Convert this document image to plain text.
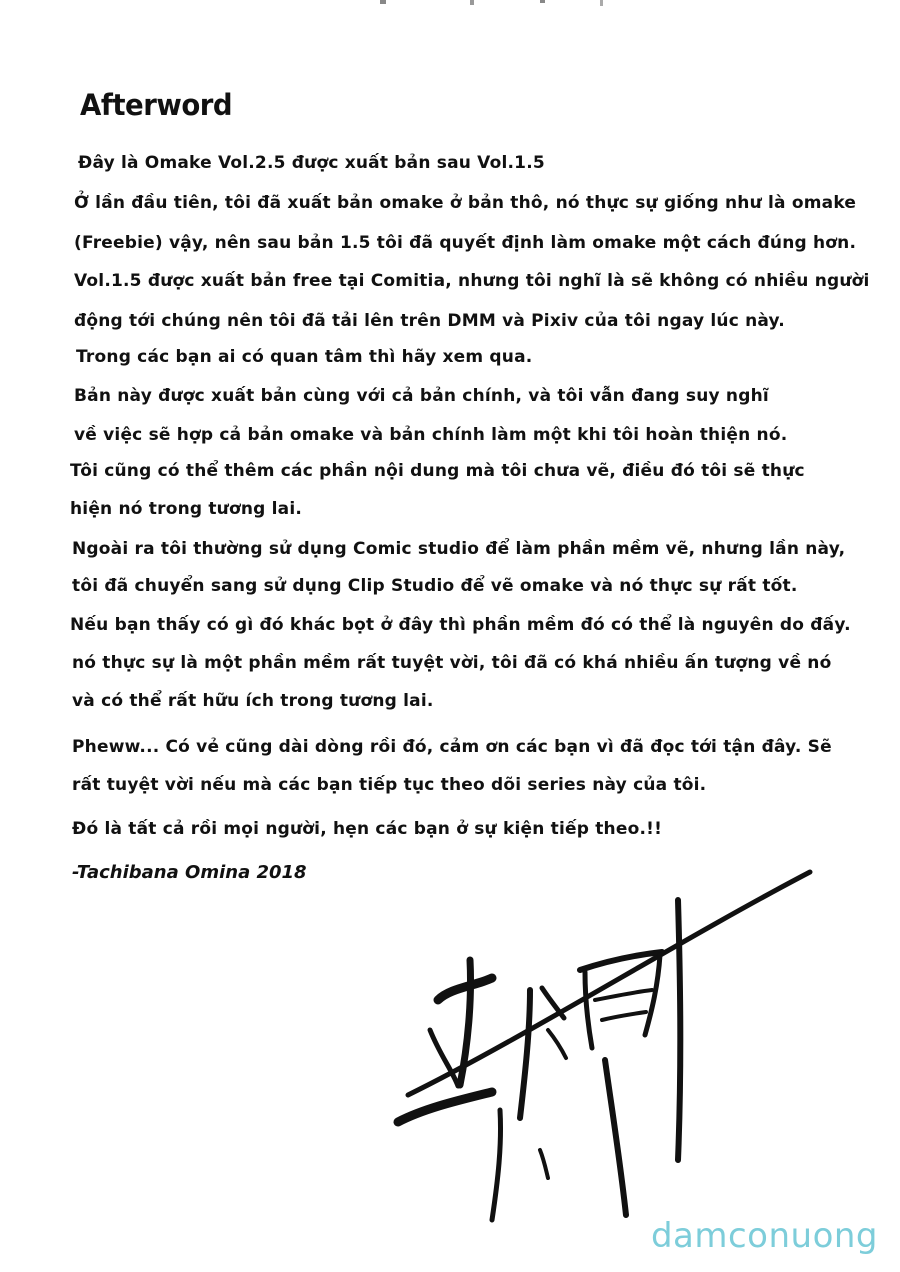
Afterword

Đây là Omake Vol.2.5 được xuất bản sau Vol.1.5

Ở lần đầu tiên, tôi đã xuất bản omake ở bản thô, nó thực sự giống như là omake

(Freebie) vậy, nên sau bản 1.5 tôi đã quyết định làm omake một cách đúng hơn.

Vol.1.5 được xuất bản free tại Comitia, nhưng tôi nghĩ là sẽ không có nhiều người

động tới chúng nên tôi đã tải lên trên DMM và Pixiv của tôi ngay lúc này.

Trong các bạn ai có quan tâm thì hãy xem qua.

Bản này được xuất bản cùng với cả bản chính, và tôi vẫn đang suy nghĩ

về việc sẽ hợp cả bản omake và bản chính làm một khi tôi hoàn thiện nó.

Tôi cũng có thể thêm các phần nội dung mà tôi chưa vẽ, điều đó tôi sẽ thực

hiện nó trong tương lai.

Ngoài ra tôi thường sử dụng Comic studio để làm phần mềm vẽ, nhưng lần này,

tôi đã chuyển sang sử dụng Clip Studio để vẽ omake và nó thực sự rất tốt.

Nếu bạn thấy có gì đó khác bọt ở đây thì phần mềm đó có thể là nguyên do đấy.

nó thực sự là một phần mềm rất tuyệt vời, tôi đã có khá nhiều ấn tượng về nó

và có thể rất hữu ích trong tương lai.

Pheww... Có vẻ cũng dài dòng rồi đó, cảm ơn các bạn vì đã đọc tới tận đây. Sẽ

rất tuyệt vời nếu mà các bạn tiếp tục theo dõi series này của tôi.

Đó là tất cả rồi mọi người, hẹn các bạn ở sự kiện tiếp theo.!!

-Tachibana Omina 2018

damconuong
